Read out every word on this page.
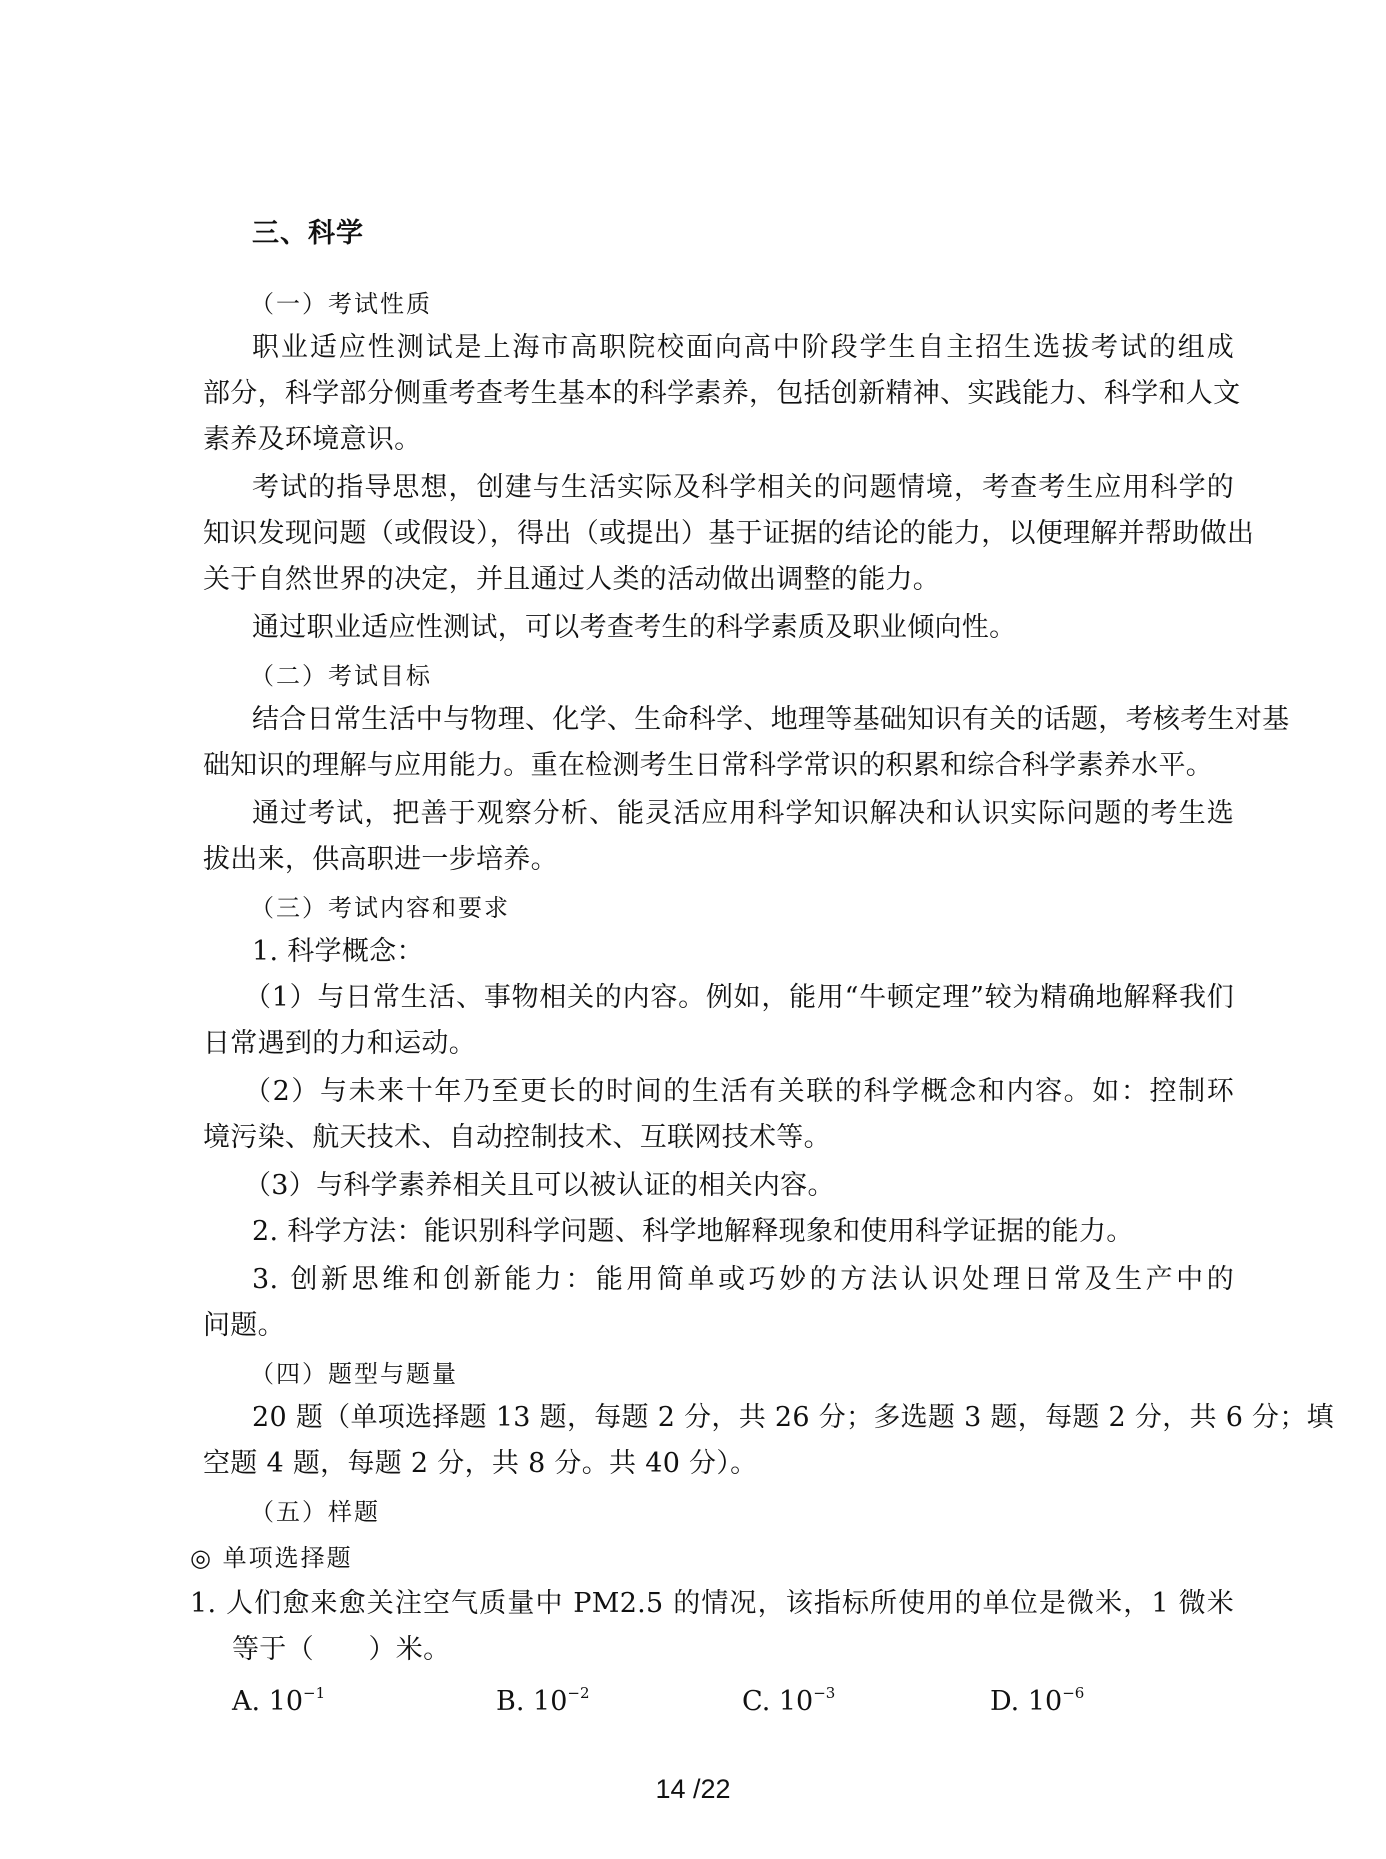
三、科学
（一）考试性质
职业适应性测试是上海市高职院校面向高中阶段学生自主招生选拔考试的组成
部分，科学部分侧重考查考生基本的科学素养，包括创新精神、实践能力、科学和人文
素养及环境意识。
考试的指导思想，创建与生活实际及科学相关的问题情境，考查考生应用科学的
知识发现问题（或假设），得出（或提出）基于证据的结论的能力，以便理解并帮助做出
关于自然世界的决定，并且通过人类的活动做出调整的能力。
通过职业适应性测试，可以考查考生的科学素质及职业倾向性。
（二）考试目标
结合日常生活中与物理、化学、生命科学、地理等基础知识有关的话题，考核考生对基
础知识的理解与应用能力。重在检测考生日常科学常识的积累和综合科学素养水平。
通过考试，把善于观察分析、能灵活应用科学知识解决和认识实际问题的考生选
拔出来，供高职进一步培养。
（三）考试内容和要求
1. 科学概念：
（1）与日常生活、事物相关的内容。例如，能用“牛顿定理”较为精确地解释我们
日常遇到的力和运动。
（2）与未来十年乃至更长的时间的生活有关联的科学概念和内容。如：控制环
境污染、航天技术、自动控制技术、互联网技术等。
（3）与科学素养相关且可以被认证的相关内容。
2. 科学方法：能识别科学问题、科学地解释现象和使用科学证据的能力。
3. 创新思维和创新能力：能用简单或巧妙的方法认识处理日常及生产中的
问题。
（四）题型与题量
20 题（单项选择题 13 题，每题 2 分，共 26 分；多选题 3 题，每题 2 分，共 6 分；填
空题 4 题，每题 2 分，共 8 分。共 40 分）。
（五）样题
◎ 单项选择题
1. 人们愈来愈关注空气质量中 PM2.5 的情况，该指标所使用的单位是微米，1 微米
等于（　　）米。
A. $10^{-1}$	B. $10^{-2}$	C. $10^{-3}$	D. $10^{-6}$
14 /22
